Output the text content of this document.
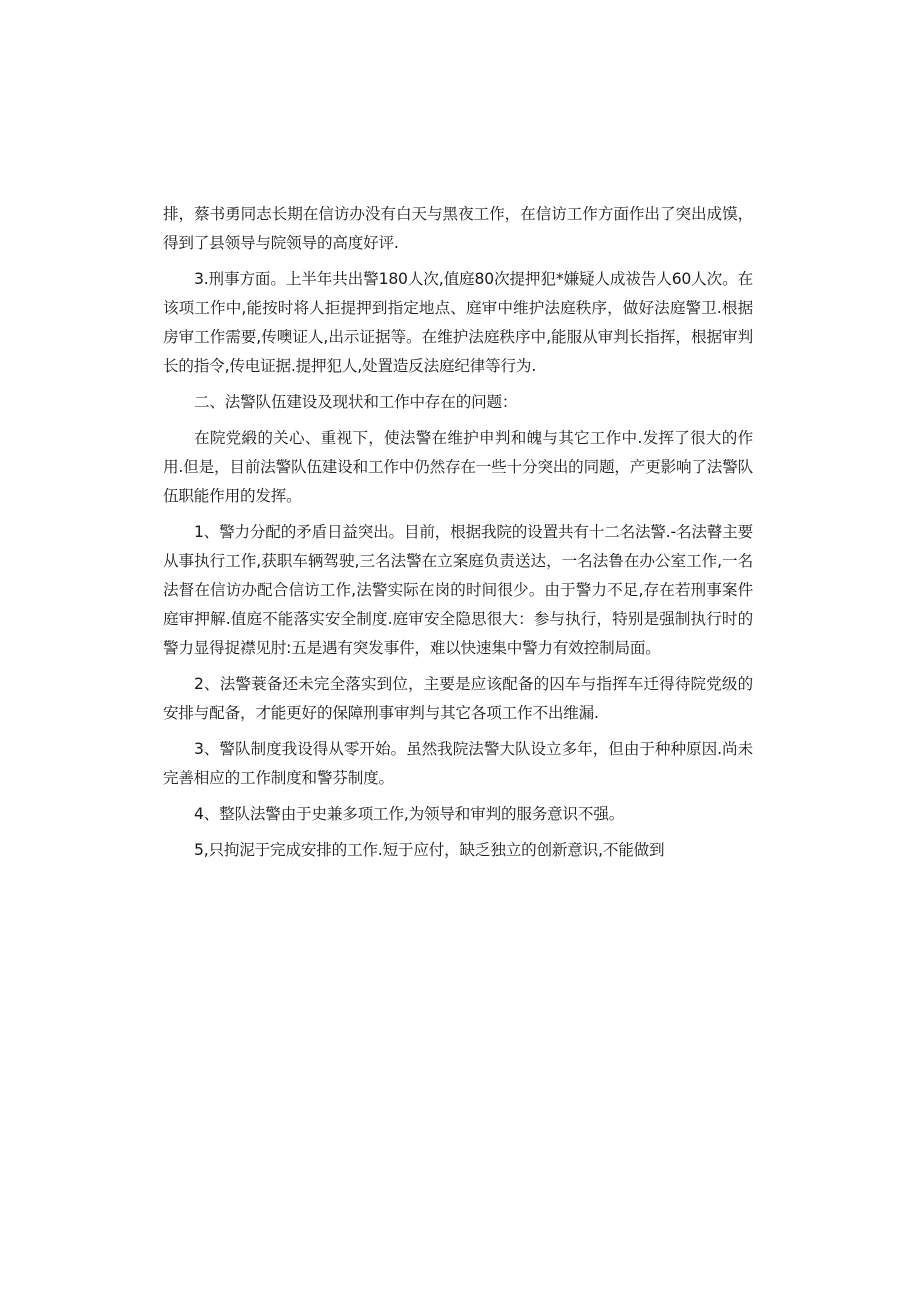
排，蔡书勇同志长期在信访办没有白天与黑夜工作，在信访工作方面作出了突出成馍，得到了县领导与院领导的高度好评.

3.刑事方面。上半年共出警180人次,值庭80次提押犯*嫌疑人成祓告人60人次。在该项工作中,能按时将人拒提押到指定地点、庭审中维护法庭秩序，做好法庭警卫.根据房审工作需要,传噢证人,出示证据等。在维护法庭秩序中,能服从审判长指挥，根据审判长的指令,传电证据.提押犯人,处置造反法庭纪律等行为.

二、法警队伍建设及现状和工作中存在的问题：

在院党緞的关心、重视下，使法警在维护申判和魄与其它工作中.发挥了很大的作用.但是，目前法警队伍建设和工作中仍然存在一些十分突出的同题，产更影响了法警队伍职能作用的发挥。

1、警力分配的矛盾日益突出。目前，根据我院的设置共有十二名法警.-名法瞽主要从事执行工作,获职车辆驾驶,三名法警在立案庭负责送达，一名法鲁在办公室工作,一名法督在信访办配合信访工作,法警实际在岗的时间很少。由于警力不足,存在若刑事案件庭审押解.值庭不能落实安全制度.庭审安全隐思很大：参与执行，特别是强制执行时的警力显得捉襟见肘:五是遇有突发事件，难以快速集中警力有效控制局面。

2、法警蓑备还未完全落实到位，主要是应该配备的囚车与指挥车迁得待院党级的安排与配备，才能更好的保障刑事审判与其它各项工作不出维漏.

3、警队制度我设得从零开始。虽然我院法警大队设立多年，但由于种种原因.尚未完善相应的工作制度和警芬制度。

4、整队法警由于史兼多项工作,为领导和审判的服务意识不强。

5,只拘泥于完成安排的工作.短于应付，缺乏独立的创新意识,不能做到
